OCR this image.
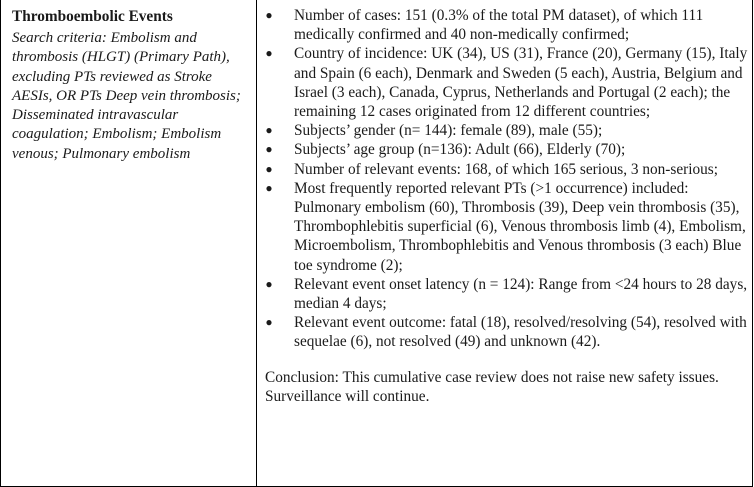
Thromboembolic Events

Search criteria: Embolism and thrombosis (HLGT) (Primary Path), excluding PTs reviewed as Stroke AESIs, OR PTs Deep vein thrombosis; Disseminated intravascular coagulation; Embolism; Embolism venous; Pulmonary embolism

● Number of cases: 151 (0.3% of the total PM dataset), of which 111 medically confirmed and 40 non-medically confirmed;
● Country of incidence: UK (34), US (31), France (20), Germany (15), Italy and Spain (6 each), Denmark and Sweden (5 each), Austria, Belgium and Israel (3 each), Canada, Cyprus, Netherlands and Portugal (2 each); the remaining 12 cases originated from 12 different countries;
● Subjects’ gender (n= 144): female (89), male (55);
● Subjects’ age group (n=136): Adult (66), Elderly (70);
● Number of relevant events: 168, of which 165 serious, 3 non-serious;
● Most frequently reported relevant PTs (>1 occurrence) included: Pulmonary embolism (60), Thrombosis (39), Deep vein thrombosis (35), Thrombophlebitis superficial (6), Venous thrombosis limb (4), Embolism, Microembolism, Thrombophlebitis and Venous thrombosis (3 each) Blue toe syndrome (2);
● Relevant event onset latency (n = 124): Range from <24 hours to 28 days, median 4 days;
● Relevant event outcome: fatal (18), resolved/resolving (54), resolved with sequelae (6), not resolved (49) and unknown (42).

Conclusion: This cumulative case review does not raise new safety issues. Surveillance will continue.
